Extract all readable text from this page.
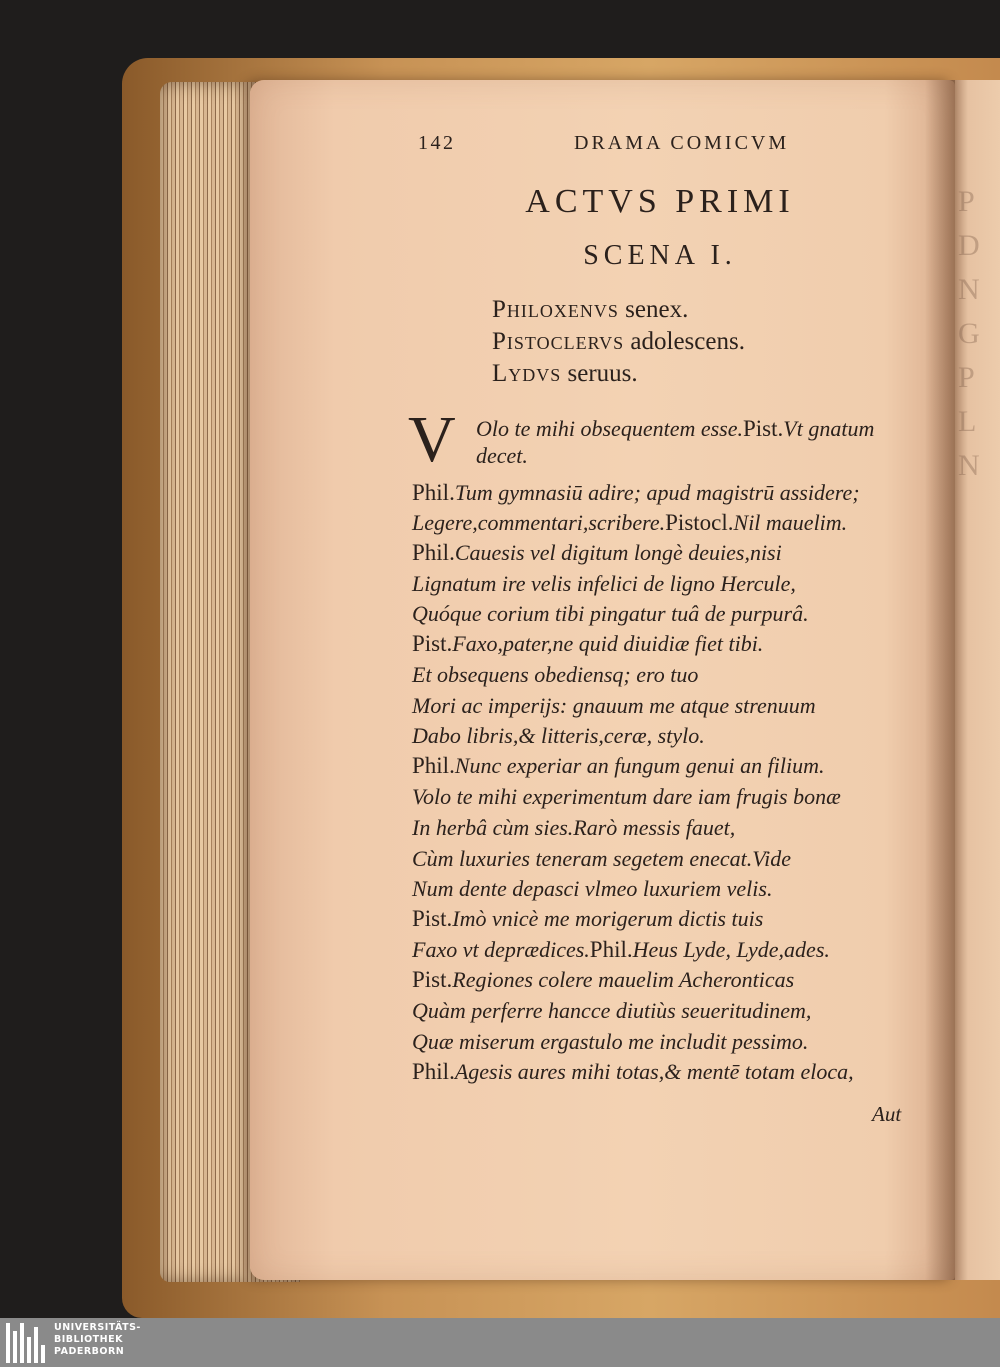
P
D
N
G
P
L
N
142	DRAMA COMICVM
ACTVS PRIMI
SCENA I.
Philoxenvs senex.
Pistoclervs adolescens.
Lydvs seruus.
V Olo te mihi obsequentem esse.Pist.Vt gnatum
decet.
Phil.Tum gymnasiū adire; apud magistrū assidere;
Legere,commentari,scribere.Pistocl.Nil mauelim.
Phil.Cauesis vel digitum longè deuies,nisi
Lignatum ire velis infelici de ligno Hercule,
Quóque corium tibi pingatur tuâ de purpurâ.
Pist.Faxo,pater,ne quid diuidiæ fiet tibi.
Et obsequens obediensq; ero tuo
Mori ac imperijs: gnauum me atque strenuum
Dabo libris,& litteris,ceræ, stylo.
Phil.Nunc experiar an fungum genui an filium.
Volo te mihi experimentum dare iam frugis bonæ
In herbâ cùm sies.Rarò messis fauet,
Cùm luxuries teneram segetem enecat.Vide
Num dente depasci vlmeo luxuriem velis.
Pist.Imò vnicè me morigerum dictis tuis
Faxo vt deprædices.Phil.Heus Lyde, Lyde,ades.
Pist.Regiones colere mauelim Acheronticas
Quàm perferre hancce diutiùs seueritudinem,
Quæ miserum ergastulo me includit pessimo.
Phil.Agesis aures mihi totas,& mentē totam eloca,
Aut
UNIVERSITÄTS-
BIBLIOTHEK
PADERBORN
